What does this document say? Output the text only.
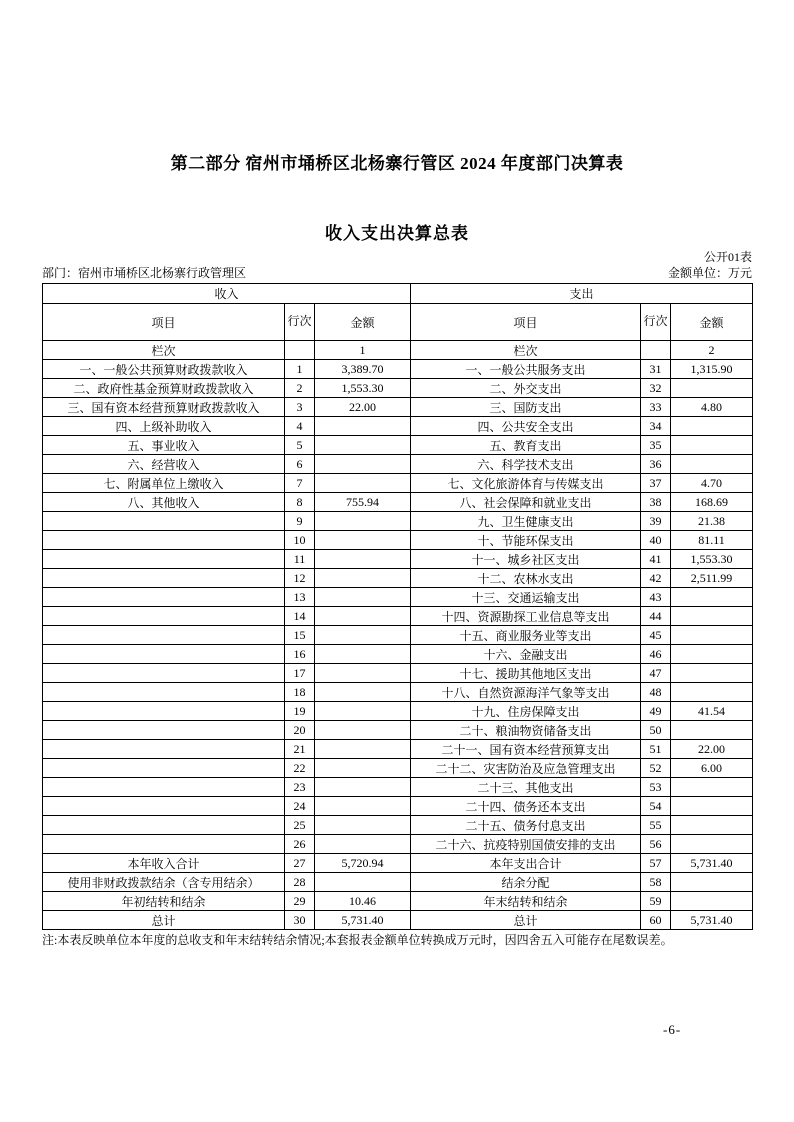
第二部分 宿州市埇桥区北杨寨行管区 2024 年度部门决算表
收入支出决算总表
公开01表
部门：宿州市埇桥区北杨寨行政管理区	金额单位：万元
收入			支出		
项目	行次	金额	项目	行次	金额
栏次		1	栏次		2
一、一般公共预算财政拨款收入	1	3,389.70	一、一般公共服务支出	31	1,315.90
二、政府性基金预算财政拨款收入	2	1,553.30	二、外交支出	32	
三、国有资本经营预算财政拨款收入	3	22.00	三、国防支出	33	4.80
四、上级补助收入	4		四、公共安全支出	34	
五、事业收入	5		五、教育支出	35	
六、经营收入	6		六、科学技术支出	36	
七、附属单位上缴收入	7		七、文化旅游体育与传媒支出	37	4.70
八、其他收入	8	755.94	八、社会保障和就业支出	38	168.69
	9		九、卫生健康支出	39	21.38
	10		十、节能环保支出	40	81.11
	11		十一、城乡社区支出	41	1,553.30
	12		十二、农林水支出	42	2,511.99
	13		十三、交通运输支出	43	
	14		十四、资源勘探工业信息等支出	44	
	15		十五、商业服务业等支出	45	
	16		十六、金融支出	46	
	17		十七、援助其他地区支出	47	
	18		十八、自然资源海洋气象等支出	48	
	19		十九、住房保障支出	49	41.54
	20		二十、粮油物资储备支出	50	
	21		二十一、国有资本经营预算支出	51	22.00
	22		二十二、灾害防治及应急管理支出	52	6.00
	23		二十三、其他支出	53	
	24		二十四、债务还本支出	54	
	25		二十五、债务付息支出	55	
	26		二十六、抗疫特别国债安排的支出	56	
本年收入合计	27	5,720.94	本年支出合计	57	5,731.40
使用非财政拨款结余（含专用结余）	28		结余分配	58	
年初结转和结余	29	10.46	年末结转和结余	59	
总计	30	5,731.40	总计	60	5,731.40
注:本表反映单位本年度的总收支和年末结转结余情况;本套报表金额单位转换成万元时，因四舍五入可能存在尾数误差。
-6-
